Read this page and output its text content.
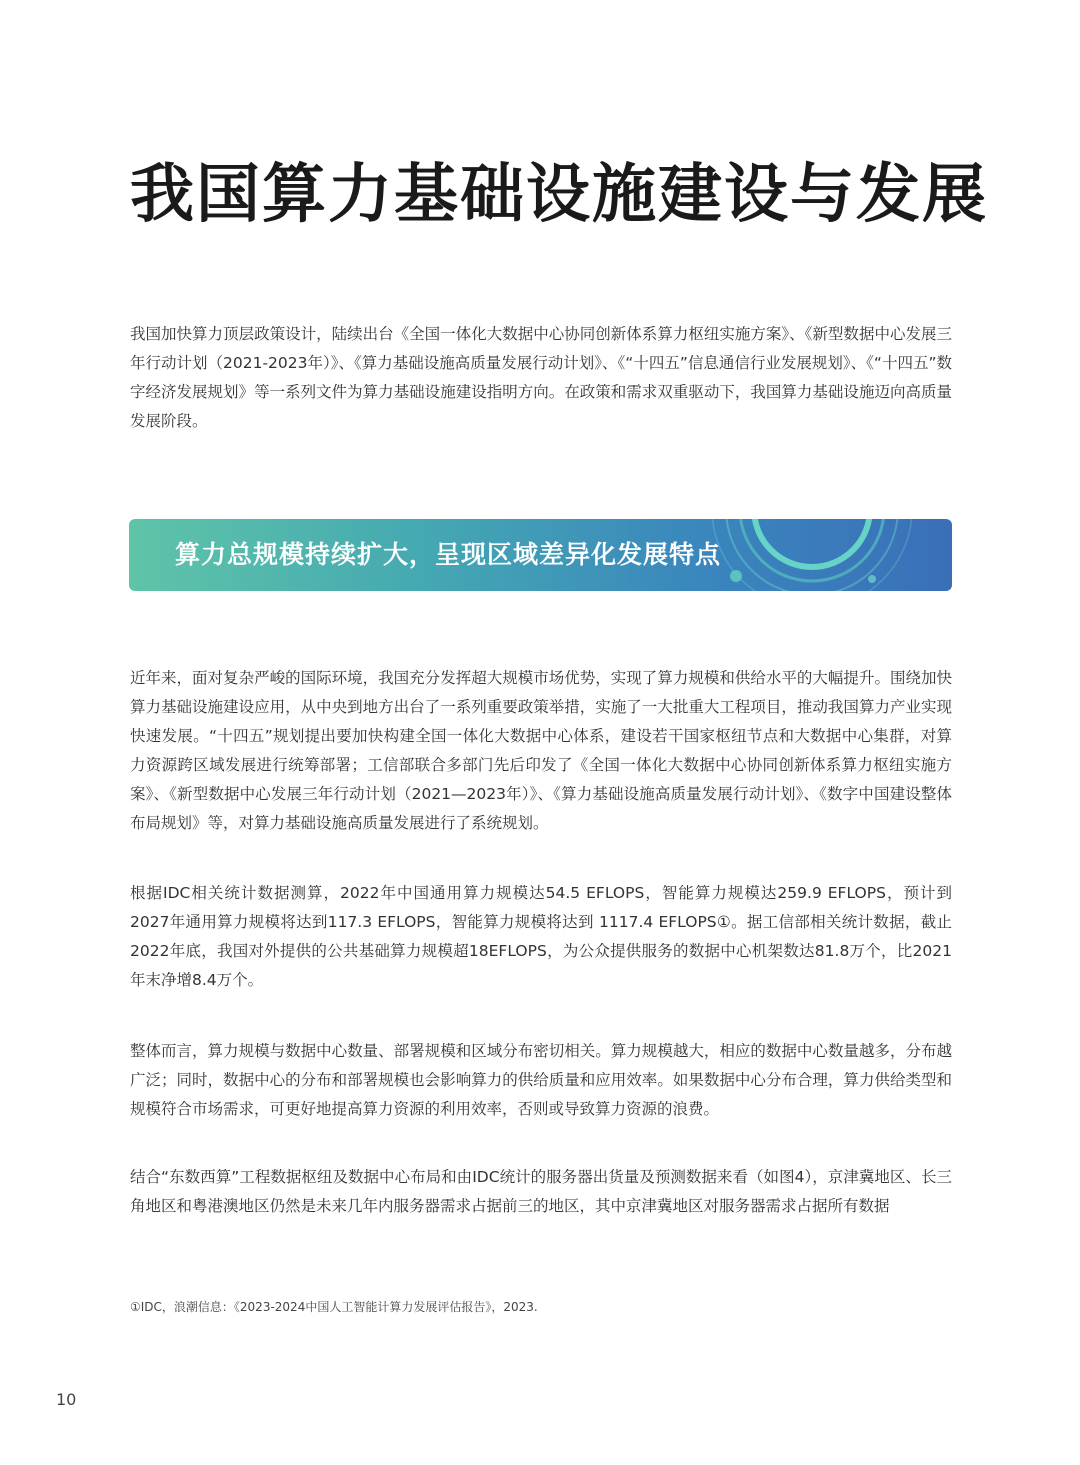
我国算力基础设施建设与发展
我国加快算力顶层政策设计，陆续出台《全国一体化大数据中心协同创新体系算力枢纽实施方案》、《新型数据中心发展三年行动计划（2021-2023年）》、《算力基础设施高质量发展行动计划》、《“十四五”信息通信行业发展规划》、《“十四五”数字经济发展规划》等一系列文件为算力基础设施建设指明方向。在政策和需求双重驱动下，我国算力基础设施迈向高质量发展阶段。
算力总规模持续扩大，呈现区域差异化发展特点
近年来，面对复杂严峻的国际环境，我国充分发挥超大规模市场优势，实现了算力规模和供给水平的大幅提升。围绕加快算力基础设施建设应用，从中央到地方出台了一系列重要政策举措，实施了一大批重大工程项目，推动我国算力产业实现快速发展。“十四五”规划提出要加快构建全国一体化大数据中心体系，建设若干国家枢纽节点和大数据中心集群，对算力资源跨区域发展进行统筹部署；工信部联合多部门先后印发了《全国一体化大数据中心协同创新体系算力枢纽实施方案》、《新型数据中心发展三年行动计划（2021—2023年）》、《算力基础设施高质量发展行动计划》、《数字中国建设整体布局规划》等，对算力基础设施高质量发展进行了系统规划。
根据IDC相关统计数据测算，2022年中国通用算力规模达54.5 EFLOPS，智能算力规模达259.9 EFLOPS，预计到2027年通用算力规模将达到117.3 EFLOPS，智能算力规模将达到 1117.4 EFLOPS①。据工信部相关统计数据，截止2022年底，我国对外提供的公共基础算力规模超18EFLOPS，为公众提供服务的数据中心机架数达81.8万个，比2021年末净增8.4万个。
整体而言，算力规模与数据中心数量、部署规模和区域分布密切相关。算力规模越大，相应的数据中心数量越多，分布越广泛；同时，数据中心的分布和部署规模也会影响算力的供给质量和应用效率。如果数据中心分布合理，算力供给类型和规模符合市场需求，可更好地提高算力资源的利用效率，否则或导致算力资源的浪费。
结合“东数西算”工程数据枢纽及数据中心布局和由IDC统计的服务器出货量及预测数据来看（如图4），京津冀地区、长三角地区和粤港澳地区仍然是未来几年内服务器需求占据前三的地区，其中京津冀地区对服务器需求占据所有数据
①IDC，浪潮信息：《2023-2024中国人工智能计算力发展评估报告》，2023.
10
